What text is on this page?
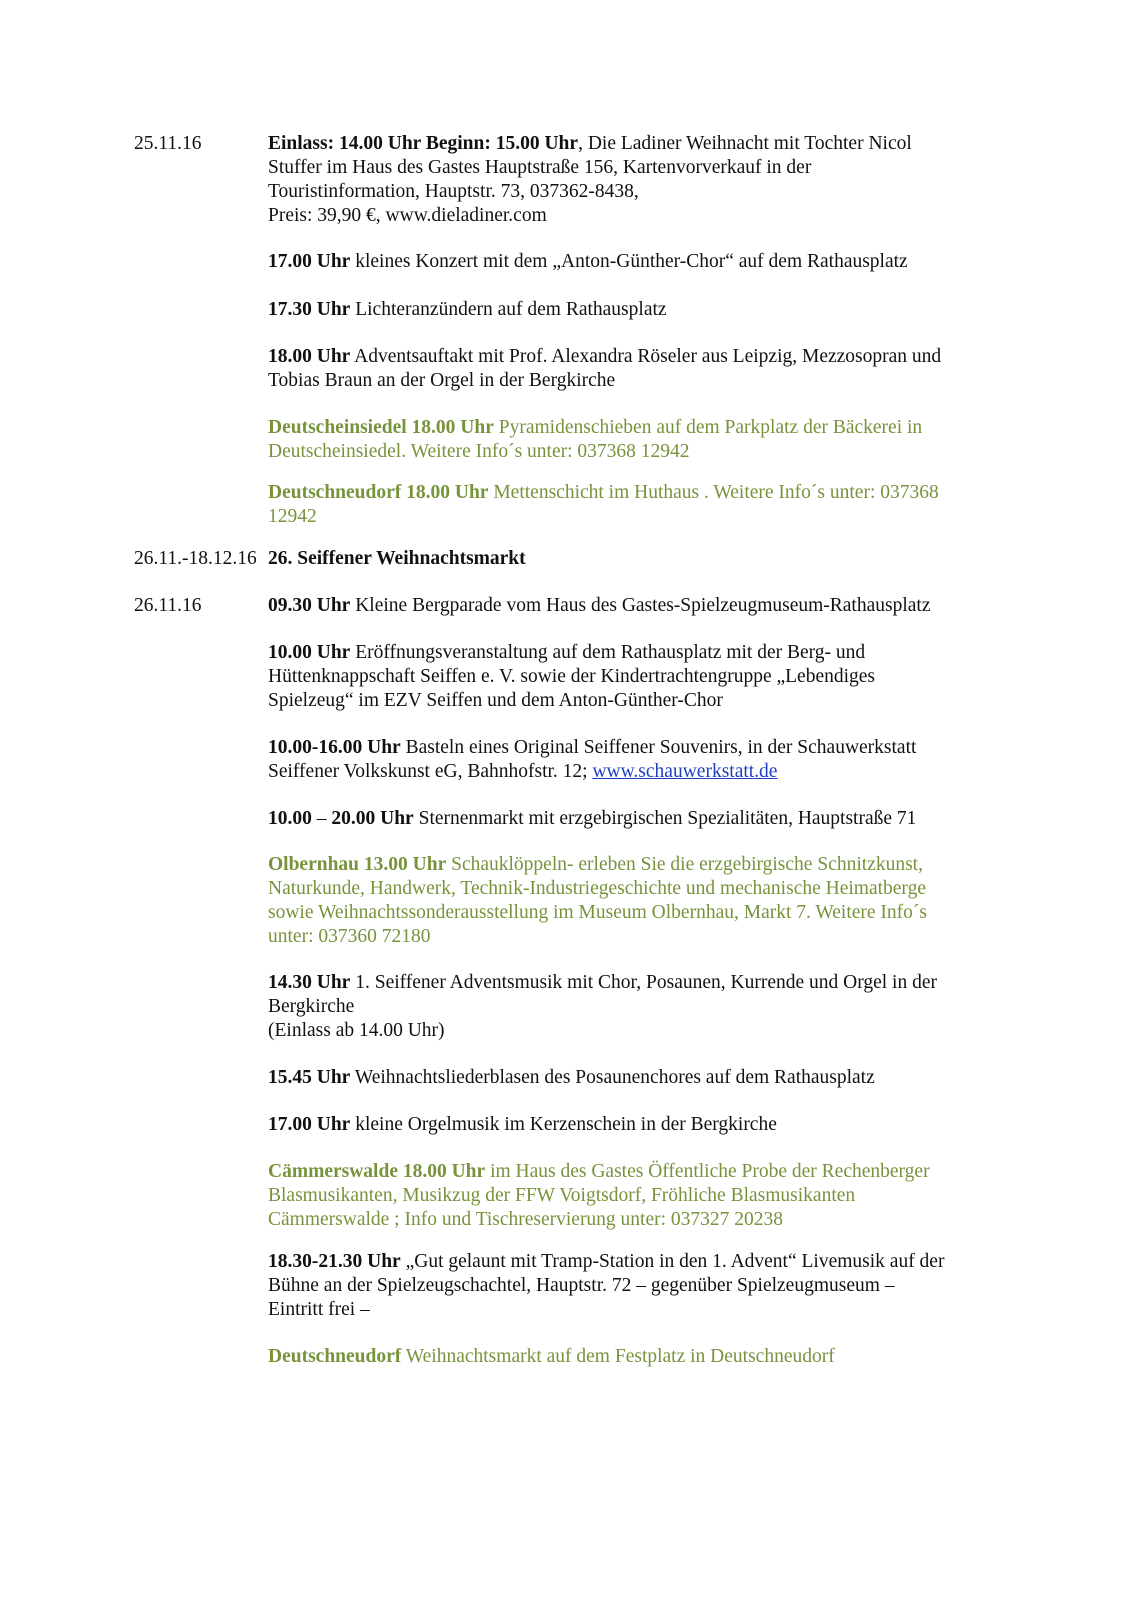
25.11.16
26.11.-18.12.16
26.11.16
Einlass: 14.00 Uhr Beginn: 15.00 Uhr, Die Ladiner Weihnacht mit Tochter Nicol
Stuffer im Haus des Gastes Hauptstraße 156, Kartenvorverkauf in der
Touristinformation, Hauptstr. 73, 037362-8438,
Preis: 39,90 €, www.dieladiner.com
17.00 Uhr kleines Konzert mit dem „Anton-Günther-Chor“ auf dem Rathausplatz
17.30 Uhr Lichteranzündern auf dem Rathausplatz
18.00 Uhr Adventsauftakt mit Prof. Alexandra Röseler aus Leipzig, Mezzosopran und
Tobias Braun an der Orgel in der Bergkirche
Deutscheinsiedel 18.00 Uhr Pyramidenschieben auf dem Parkplatz der Bäckerei in
Deutscheinsiedel. Weitere Info´s unter: 037368 12942
Deutschneudorf 18.00 Uhr Mettenschicht im Huthaus . Weitere Info´s unter: 037368
12942
26. Seiffener Weihnachtsmarkt
09.30 Uhr Kleine Bergparade vom Haus des Gastes-Spielzeugmuseum-Rathausplatz
10.00 Uhr Eröffnungsveranstaltung auf dem Rathausplatz mit der Berg- und
Hüttenknappschaft Seiffen e. V. sowie der Kindertrachtengruppe „Lebendiges
Spielzeug“ im EZV Seiffen und dem Anton-Günther-Chor
10.00-16.00 Uhr Basteln eines Original Seiffener Souvenirs, in der Schauwerkstatt
Seiffener Volkskunst eG, Bahnhofstr. 12; www.schauwerkstatt.de
10.00 – 20.00 Uhr Sternenmarkt mit erzgebirgischen Spezialitäten, Hauptstraße 71
Olbernhau 13.00 Uhr Schauklöppeln- erleben Sie die erzgebirgische Schnitzkunst,
Naturkunde, Handwerk, Technik-Industriegeschichte und mechanische Heimatberge
sowie Weihnachtssonderausstellung im Museum Olbernhau, Markt 7. Weitere Info´s
unter: 037360 72180
14.30 Uhr 1. Seiffener Adventsmusik mit Chor, Posaunen, Kurrende und Orgel in der
Bergkirche
(Einlass ab 14.00 Uhr)
15.45 Uhr Weihnachtsliederblasen des Posaunenchores auf dem Rathausplatz
17.00 Uhr kleine Orgelmusik im Kerzenschein in der Bergkirche
Cämmerswalde 18.00 Uhr im Haus des Gastes Öffentliche Probe der Rechenberger
Blasmusikanten, Musikzug der FFW Voigtsdorf, Fröhliche Blasmusikanten
Cämmerswalde ; Info und Tischreservierung unter: 037327 20238
18.30-21.30 Uhr „Gut gelaunt mit Tramp-Station in den 1. Advent“ Livemusik auf der
Bühne an der Spielzeugschachtel, Hauptstr. 72 – gegenüber Spielzeugmuseum –
Eintritt frei –
Deutschneudorf Weihnachtsmarkt auf dem Festplatz in Deutschneudorf
